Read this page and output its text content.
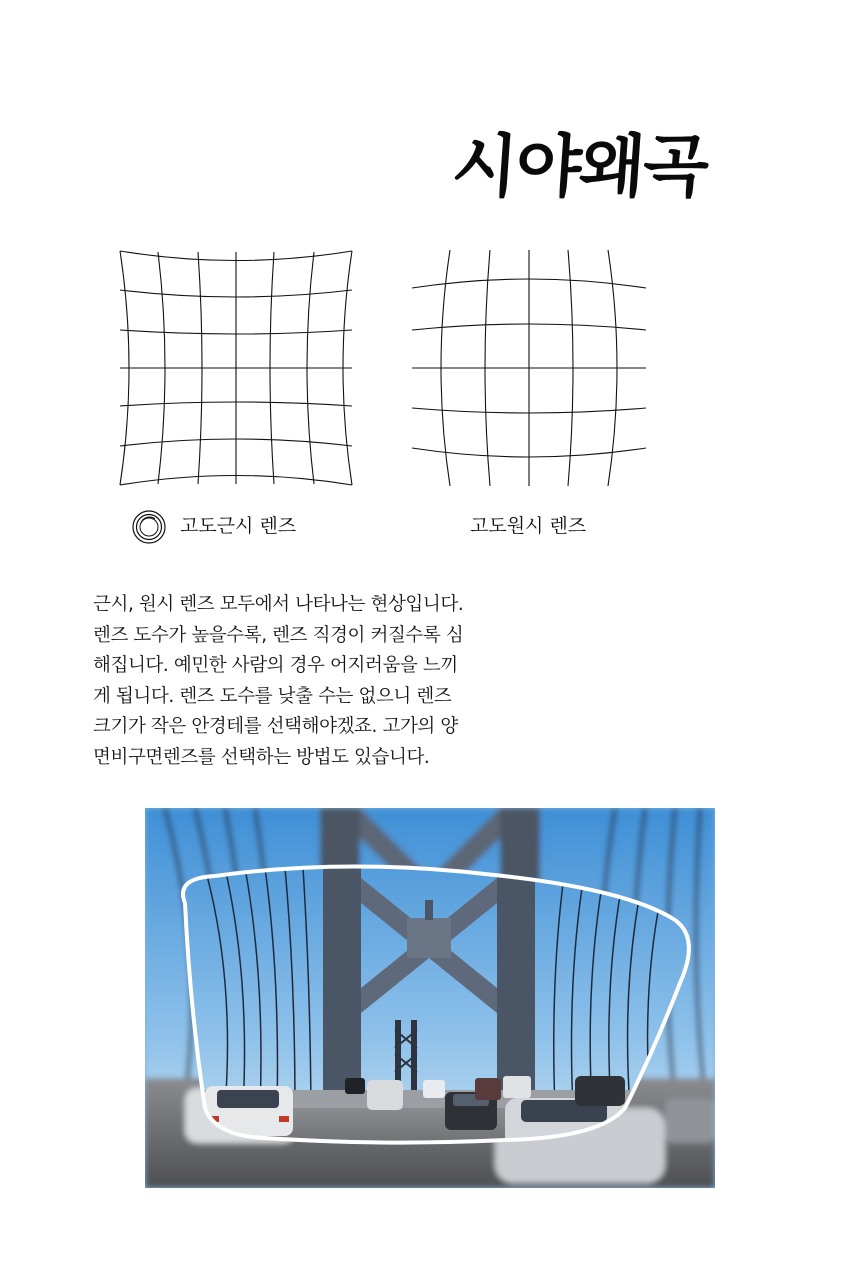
시야왜곡
고도근시 렌즈	고도원시 렌즈

근시, 원시 렌즈 모두에서 나타나는 현상입니다.

렌즈 도수가 높을수록, 렌즈 직경이 커질수록 심

해집니다. 예민한 사람의 경우 어지러움을 느끼

게 됩니다. 렌즈 도수를 낮출 수는 없으니 렌즈

크기가 작은 안경테를 선택해야겠죠. 고가의 양

면비구면렌즈를 선택하는 방법도 있습니다.
